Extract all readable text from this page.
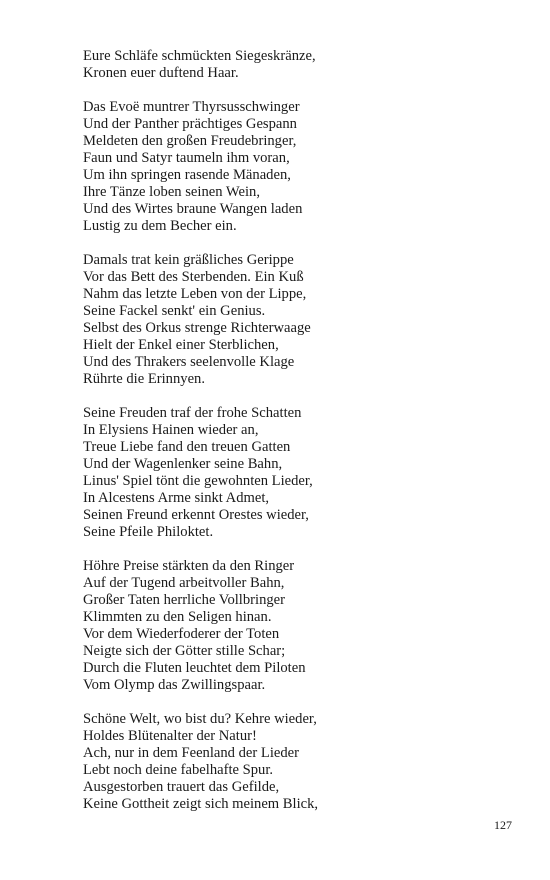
Eure Schläfe schmückten Siegeskränze,
Kronen euer duftend Haar.
Das Evoë muntrer Thyrsusschwinger
Und der Panther prächtiges Gespann
Meldeten den großen Freudebringer,
Faun und Satyr taumeln ihm voran,
Um ihn springen rasende Mänaden,
Ihre Tänze loben seinen Wein,
Und des Wirtes braune Wangen laden
Lustig zu dem Becher ein.
Damals trat kein gräßliches Gerippe
Vor das Bett des Sterbenden. Ein Kuß
Nahm das letzte Leben von der Lippe,
Seine Fackel senkt' ein Genius.
Selbst des Orkus strenge Richterwaage
Hielt der Enkel einer Sterblichen,
Und des Thrakers seelenvolle Klage
Rührte die Erinnyen.
Seine Freuden traf der frohe Schatten
In Elysiens Hainen wieder an,
Treue Liebe fand den treuen Gatten
Und der Wagenlenker seine Bahn,
Linus' Spiel tönt die gewohnten Lieder,
In Alcestens Arme sinkt Admet,
Seinen Freund erkennt Orestes wieder,
Seine Pfeile Philoktet.
Höhre Preise stärkten da den Ringer
Auf der Tugend arbeitvoller Bahn,
Großer Taten herrliche Vollbringer
Klimmten zu den Seligen hinan.
Vor dem Wiederfoderer der Toten
Neigte sich der Götter stille Schar;
Durch die Fluten leuchtet dem Piloten
Vom Olymp das Zwillingspaar.
Schöne Welt, wo bist du? Kehre wieder,
Holdes Blütenalter der Natur!
Ach, nur in dem Feenland der Lieder
Lebt noch deine fabelhafte Spur.
Ausgestorben trauert das Gefilde,
Keine Gottheit zeigt sich meinem Blick,
127
